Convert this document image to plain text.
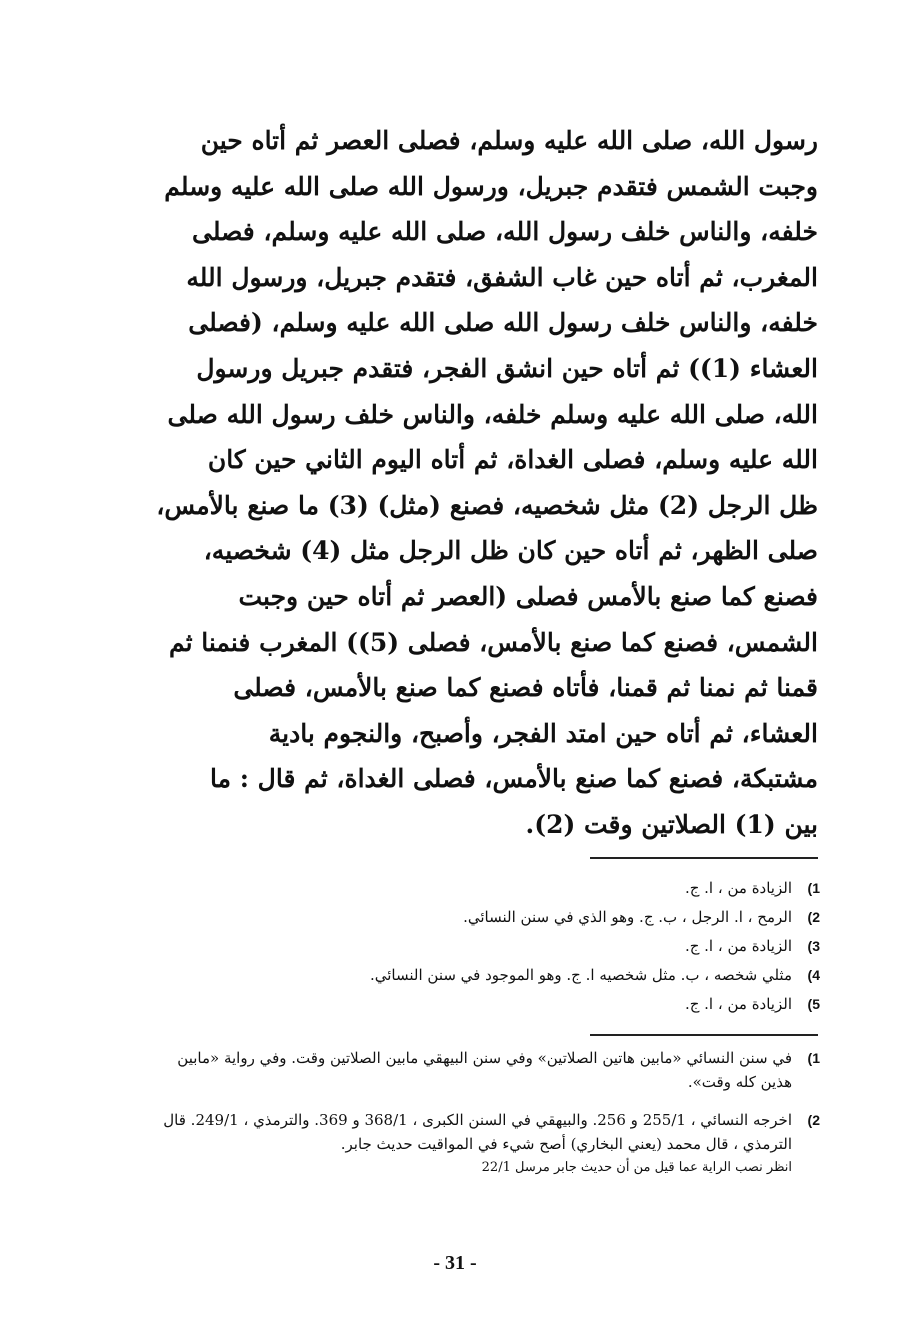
رسول الله، صلى الله عليه وسلم، فصلى العصر ثم أتاه حين
وجبت الشمس فتقدم جبريل، ورسول الله صلى الله عليه وسلم
خلفه، والناس خلف رسول الله، صلى الله عليه وسلم، فصلى
المغرب، ثم أتاه حين غاب الشفق، فتقدم جبريل، ورسول الله
خلفه، والناس خلف رسول الله صلى الله عليه وسلم، (فصلى
العشاء (1)) ثم أتاه حين انشق الفجر، فتقدم جبريل ورسول
الله، صلى الله عليه وسلم خلفه، والناس خلف رسول الله صلى
الله عليه وسلم، فصلى الغداة، ثم أتاه اليوم الثاني حين كان
ظل الرجل (2) مثل شخصيه، فصنع (مثل) (3) ما صنع بالأمس،
صلى الظهر، ثم أتاه حين كان ظل الرجل مثل (4) شخصيه،
فصنع كما صنع بالأمس فصلى (العصر ثم أتاه حين وجبت
الشمس، فصنع كما صنع بالأمس، فصلى (5)) المغرب فنمنا ثم
قمنا ثم نمنا ثم قمنا، فأتاه فصنع كما صنع بالأمس، فصلى
العشاء، ثم أتاه حين امتد الفجر، وأصبح، والنجوم بادية
مشتبكة، فصنع كما صنع بالأمس، فصلى الغداة، ثم قال : ما
بين (1) الصلاتين وقت (2).
(1
الزيادة من ، ا. ج.
(2
الرمح ، ا. الرجل ، ب. ج. وهو الذي في سنن النسائي.
(3
الزيادة من ، ا. ج.
(4
مثلي شخصه ، ب. مثل شخصيه ا. ج. وهو الموجود في سنن النسائي.
(5
الزيادة من ، ا. ج.
(1
في سنن النسائي «مابين هاتين الصلاتين» وفي سنن البيهقي مابين الصلاتين وقت. وفي رواية «مابين
هذين كله وقت».
(2
اخرجه النسائي ، 255/1 و 256. والبيهقي في السنن الكبرى ، 368/1 و 369. والترمذي ، 249/1. قال
الترمذي ، قال محمد (يعني البخاري) أصح شيء في المواقيت حديث جابر.
انظر نصب الراية عما قيل من أن حديث جابر مرسل 22/1
- 31 -
